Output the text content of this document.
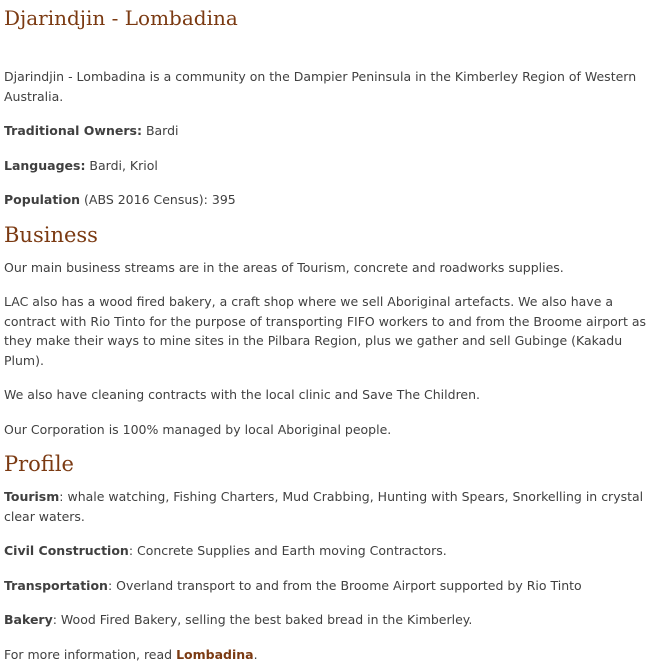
Djarindjin - Lombadina

Djarindjin - Lombadina is a community on the Dampier Peninsula in the Kimberley Region of Western Australia.

Traditional Owners: Bardi

Languages: Bardi, Kriol

Population (ABS 2016 Census): 395

Business

Our main business streams are in the areas of Tourism, concrete and roadworks supplies.

LAC also has a wood fired bakery, a craft shop where we sell Aboriginal artefacts. We also have a contract with Rio Tinto for the purpose of transporting FIFO workers to and from the Broome airport as they make their ways to mine sites in the Pilbara Region, plus we gather and sell Gubinge (Kakadu Plum).

We also have cleaning contracts with the local clinic and Save The Children.

Our Corporation is 100% managed by local Aboriginal people.

Profile

Tourism: whale watching, Fishing Charters, Mud Crabbing, Hunting with Spears, Snorkelling in crystal clear waters.

Civil Construction: Concrete Supplies and Earth moving Contractors.

Transportation: Overland transport to and from the Broome Airport supported by Rio Tinto

Bakery: Wood Fired Bakery, selling the best baked bread in the Kimberley.

For more information, read Lombadina.
